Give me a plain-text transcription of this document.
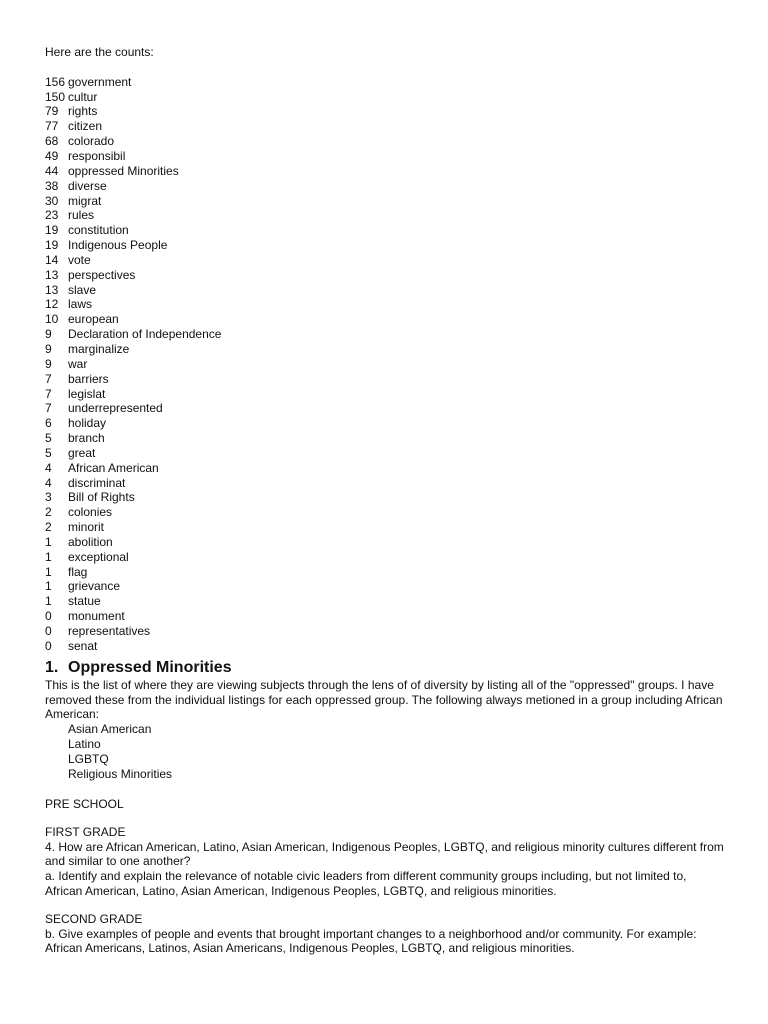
Here are the counts:

156 government
150 cultur
79 rights
77 citizen
68 colorado
49 responsibil
44 oppressed Minorities
38 diverse
30 migrat
23 rules
19 constitution
19 Indigenous People
14 vote
13 perspectives
13 slave
12 laws
10 european
9	Declaration of Independence
9	marginalize
9	war
7	barriers
7	legislat
7	underrepresented
6	holiday
5	branch
5	great
4	African American
4	discriminat
3	Bill of Rights
2	colonies
2	minorit
1	abolition
1	exceptional
1	flag
1	grievance
1	statue
0	monument
0	representatives
0	senat
1. Oppressed Minorities

This is the list of where they are viewing subjects through the lens of of diversity by listing all of the "oppressed" groups. I have removed these from the individual listings for each oppressed group. The following always metioned in a group including African American:

Asian American
Latino
LGBTQ
Religious Minorities

PRE SCHOOL

FIRST GRADE

4. How are African American, Latino, Asian American, Indigenous Peoples, LGBTQ, and religious minority cultures different from and similar to one another?

a. Identify and explain the relevance of notable civic leaders from different community groups including, but not limited to, African American, Latino, Asian American, Indigenous Peoples, LGBTQ, and religious minorities.

SECOND GRADE

b. Give examples of people and events that brought important changes to a neighborhood and/or community. For example: African Americans, Latinos, Asian Americans, Indigenous Peoples, LGBTQ, and religious minorities.
